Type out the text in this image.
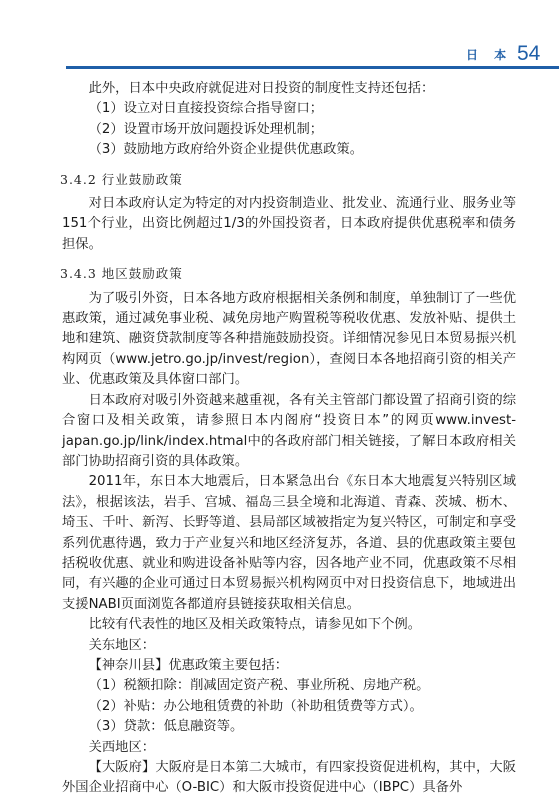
日 本 54

此外，日本中央政府就促进对日投资的制度性支持还包括：

（1）设立对日直接投资综合指导窗口；

（2）设置市场开放问题投诉处理机制；

（3）鼓励地方政府给外资企业提供优惠政策。

3.4.2 行业鼓励政策

对日本政府认定为特定的对内投资制造业、批发业、流通行业、服务业等151个行业，出资比例超过1/3的外国投资者，日本政府提供优惠税率和债务担保。

3.4.3 地区鼓励政策

为了吸引外资，日本各地方政府根据相关条例和制度，单独制订了一些优惠政策，通过减免事业税、减免房地产购置税等税收优惠、发放补贴、提供土地和建筑、融资贷款制度等各种措施鼓励投资。详细情况参见日本贸易振兴机构网页（www.jetro.go.jp/invest/region），查阅日本各地招商引资的相关产业、优惠政策及具体窗口部门。

日本政府对吸引外资越来越重视，各有关主管部门都设置了招商引资的综合窗口及相关政策，请参照日本内阁府“投资日本”的网页www.invest-japan.go.jp/link/index.htmal中的各政府部门相关链接，了解日本政府相关部门协助招商引资的具体政策。

2011年，东日本大地震后，日本紧急出台《东日本大地震复兴特别区域法》，根据该法，岩手、宫城、福岛三县全境和北海道、青森、茨城、枥木、埼玉、千叶、新泻、长野等道、县局部区域被指定为复兴特区，可制定和享受系列优惠待遇，致力于产业复兴和地区经济复苏，各道、县的优惠政策主要包括税收优惠、就业和购进设备补贴等内容，因各地产业不同，优惠政策不尽相同，有兴趣的企业可通过日本贸易振兴机构网页中对日投资信息下，地域进出支援NABI页面浏览各都道府县链接获取相关信息。

比较有代表性的地区及相关政策特点，请参见如下个例。

关东地区：

【神奈川县】优惠政策主要包括：

（1）税额扣除：削减固定资产税、事业所税、房地产税。

（2）补贴：办公地租赁费的补助（补助租赁费等方式）。

（3）贷款：低息融资等。

关西地区：

【大阪府】大阪府是日本第二大城市，有四家投资促进机构，其中，大阪外国企业招商中心（O-BIC）和大阪市投资促进中心（IBPC）具备外
